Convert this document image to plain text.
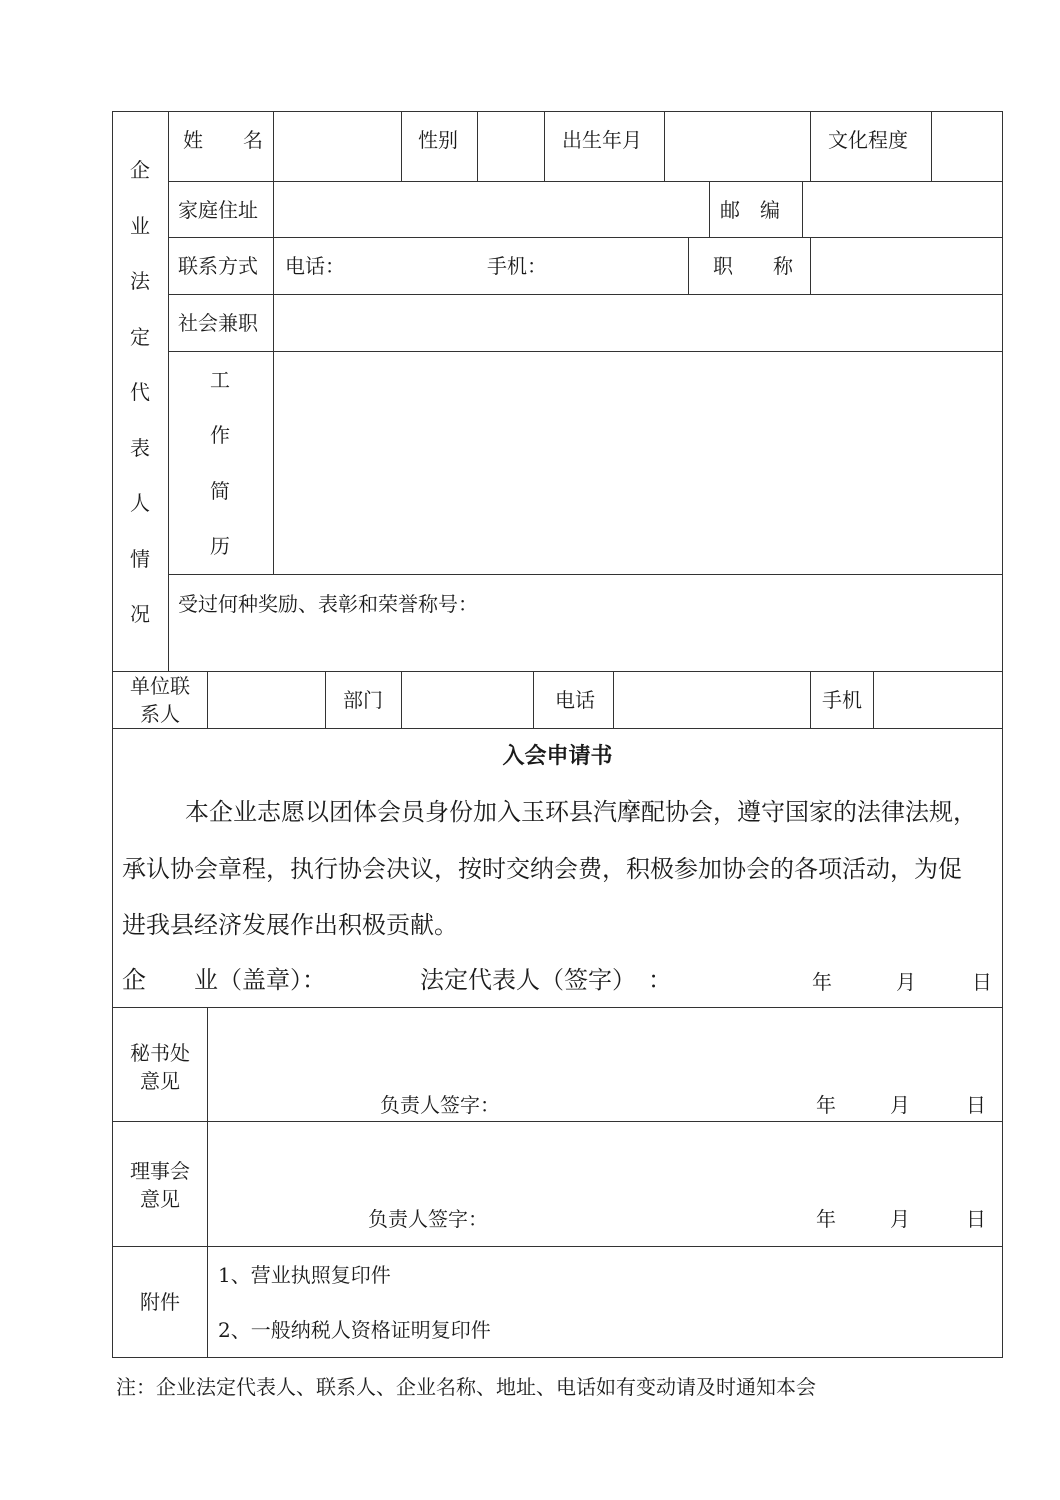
企
业
法
定
代
表
人
情
况
姓　　名	性别	出生年月	文化程度
家庭住址	邮　编
联系方式 电话：	手机：	职　　称
社会兼职
工
作
简
历
受过何种奖励、表彰和荣誉称号：
单位联
系人
部门	电话	手机
入会申请书
本企业志愿以团体会员身份加入玉环县汽摩配协会，遵守国家的法律法规，
承认协会章程，执行协会决议，按时交纳会费，积极参加协会的各项活动，为促
进我县经济发展作出积极贡献。
企　　业（盖章）：	法定代表人（签字）　：	年	月	日
秘书处
意见
负责人签字：	年	月	日
理事会
意见
负责人签字：	年	月	日
附件
1、营业执照复印件
2、一般纳税人资格证明复印件
注：企业法定代表人、联系人、企业名称、地址、电话如有变动请及时通知本会
